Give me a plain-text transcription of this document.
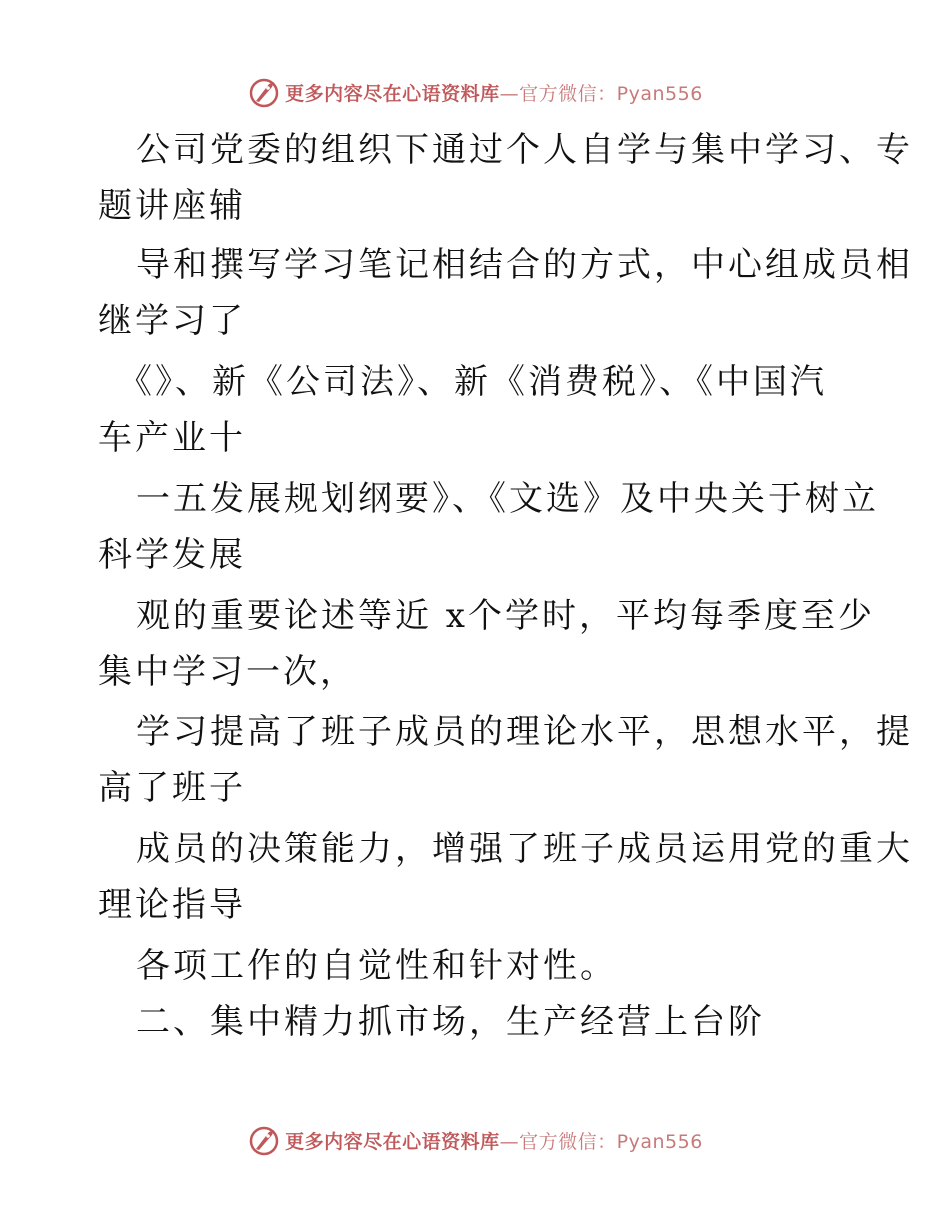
更多内容尽在心语资料库—官方微信：Pyan556
公司党委的组织下通过个人自学与集中学习、专
题讲座辅
导和撰写学习笔记相结合的方式，中心组成员相
继学习了
《》、新《公司法》、新《消费税》、《中国汽
车产业十
一五发展规划纲要》、《文选》及中央关于树立
科学发展
观的重要论述等近 x个学时，平均每季度至少
集中学习一次，
学习提高了班子成员的理论水平，思想水平，提
高了班子
成员的决策能力，增强了班子成员运用党的重大
理论指导
各项工作的自觉性和针对性。
二、集中精力抓市场，生产经营上台阶
更多内容尽在心语资料库—官方微信：Pyan556
